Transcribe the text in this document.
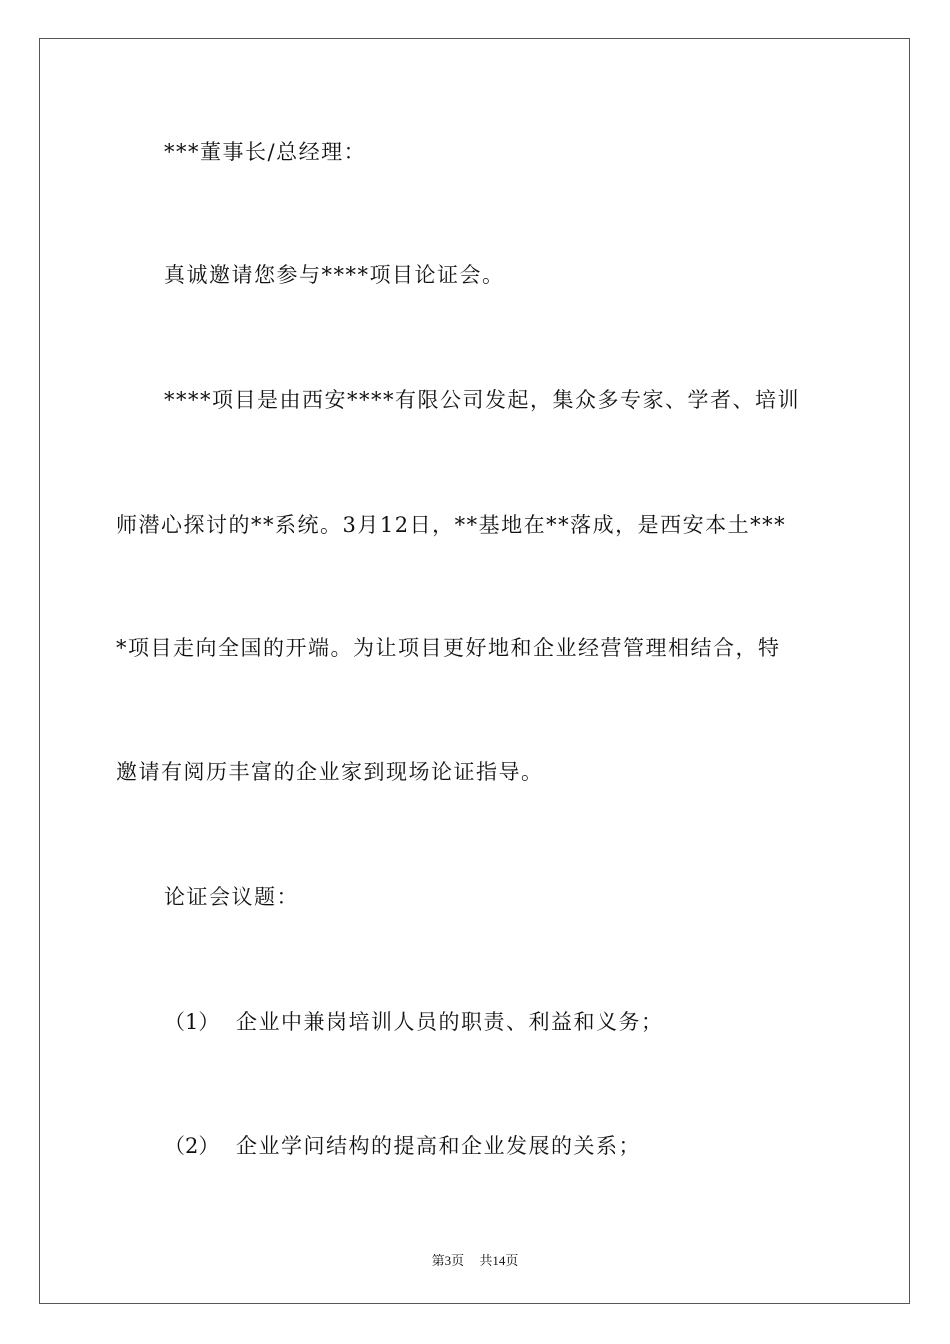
***董事长/总经理：
真诚邀请您参与****项目论证会。
****项目是由西安****有限公司发起，集众多专家、学者、培训
师潜心探讨的**系统。3月12日，**基地在**落成，是西安本土***
*项目走向全国的开端。为让项目更好地和企业经营管理相结合，特
邀请有阅历丰富的企业家到现场论证指导。
论证会议题：
（1） 企业中兼岗培训人员的职责、利益和义务；
（2） 企业学问结构的提高和企业发展的关系；
第3页 共14页
